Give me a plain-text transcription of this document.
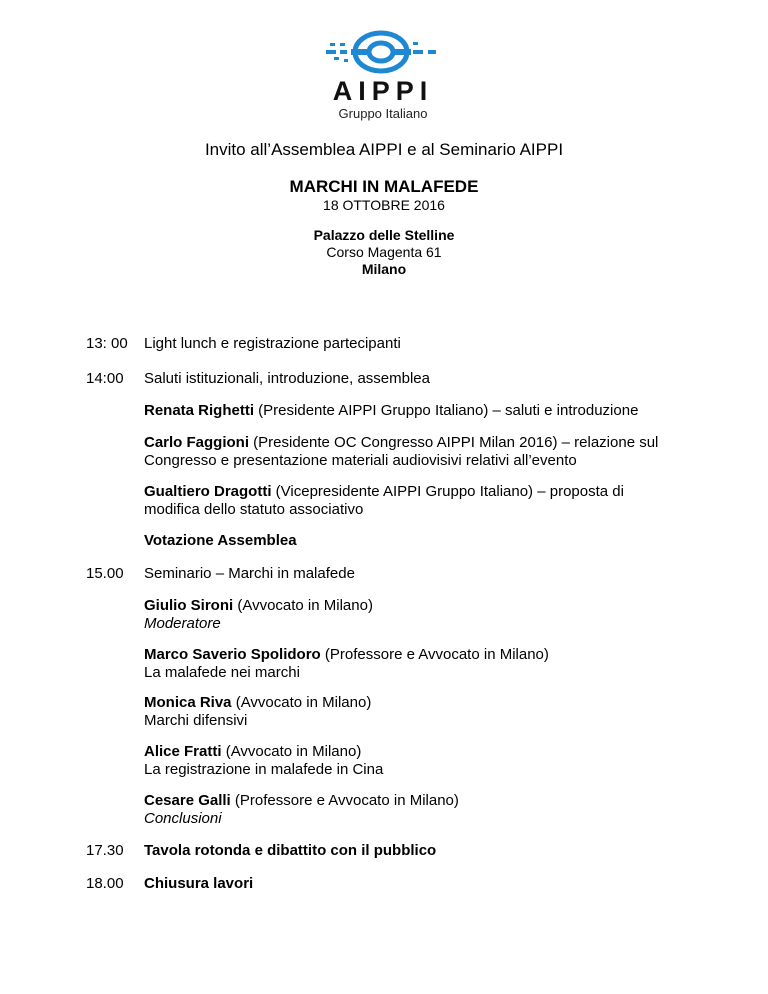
AIPPI
Gruppo Italiano
Invito all’Assemblea AIPPI e al Seminario AIPPI
MARCHI IN MALAFEDE
18 OTTOBRE 2016
Palazzo delle Stelline
Corso Magenta 61
Milano
13: 00 Light lunch e registrazione partecipanti
14:00 Saluti istituzionali, introduzione, assemblea
Renata Righetti (Presidente AIPPI Gruppo Italiano) – saluti e introduzione
Carlo Faggioni (Presidente OC Congresso AIPPI Milan 2016) – relazione sul
Congresso e presentazione materiali audiovisivi relativi all’evento
Gualtiero Dragotti (Vicepresidente AIPPI Gruppo Italiano) – proposta di
modifica dello statuto associativo
Votazione Assemblea
15.00 Seminario – Marchi in malafede
Giulio Sironi (Avvocato in Milano)
Moderatore
Marco Saverio Spolidoro (Professore e Avvocato in Milano)
La malafede nei marchi
Monica Riva (Avvocato in Milano)
Marchi difensivi
Alice Fratti (Avvocato in Milano)
La registrazione in malafede in Cina
Cesare Galli (Professore e Avvocato in Milano)
Conclusioni
17.30 Tavola rotonda e dibattito con il pubblico
18.00 Chiusura lavori
